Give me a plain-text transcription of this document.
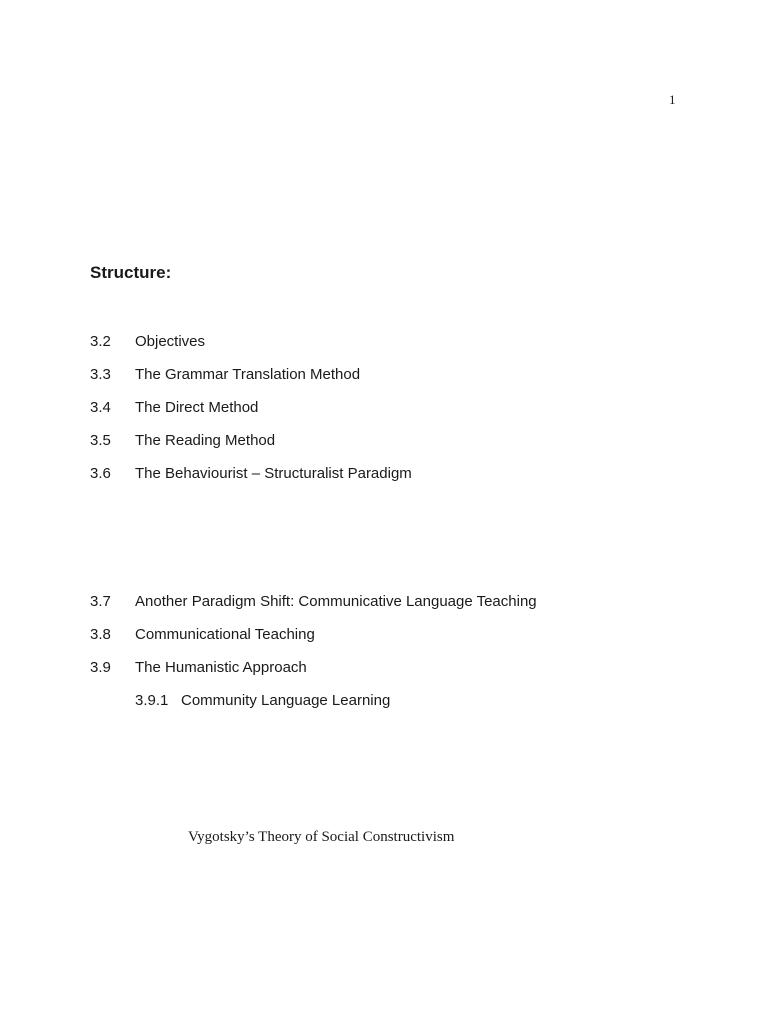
1
Structure:
3.2 Objectives
3.3 The Grammar Translation Method
3.4 The Direct Method
3.5 The Reading Method
3.6 The Behaviourist – Structuralist Paradigm
3.7 Another Paradigm Shift: Communicative Language Teaching
3.8 Communicational Teaching
3.9 The Humanistic Approach
3.9.1 Community Language Learning
Vygotsky’s Theory of Social Constructivism
